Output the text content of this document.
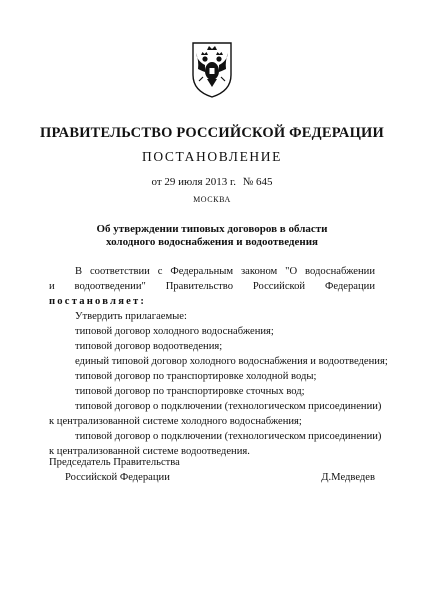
ПРАВИТЕЛЬСТВО РОССИЙСКОЙ ФЕДЕРАЦИИ
ПОСТАНОВЛЕНИЕ
от 29 июля 2013 г. № 645
МОСКВА
Об утверждении типовых договоров в области
холодного водоснабжения и водоотведения
В соответствии с Федеральным законом "О водоснабжении
и водоотведении" Правительство Российской Федерации
постановляет:
Утвердить прилагаемые:
типовой договор холодного водоснабжения;
типовой договор водоотведения;
единый типовой договор холодного водоснабжения и водоотведения;
типовой договор по транспортировке холодной воды;
типовой договор по транспортировке сточных вод;
типовой договор о подключении (технологическом присоединении)
к централизованной системе холодного водоснабжения;
типовой договор о подключении (технологическом присоединении)
к централизованной системе водоотведения.
Председатель Правительства
Российской Федерации	Д.Медведев
